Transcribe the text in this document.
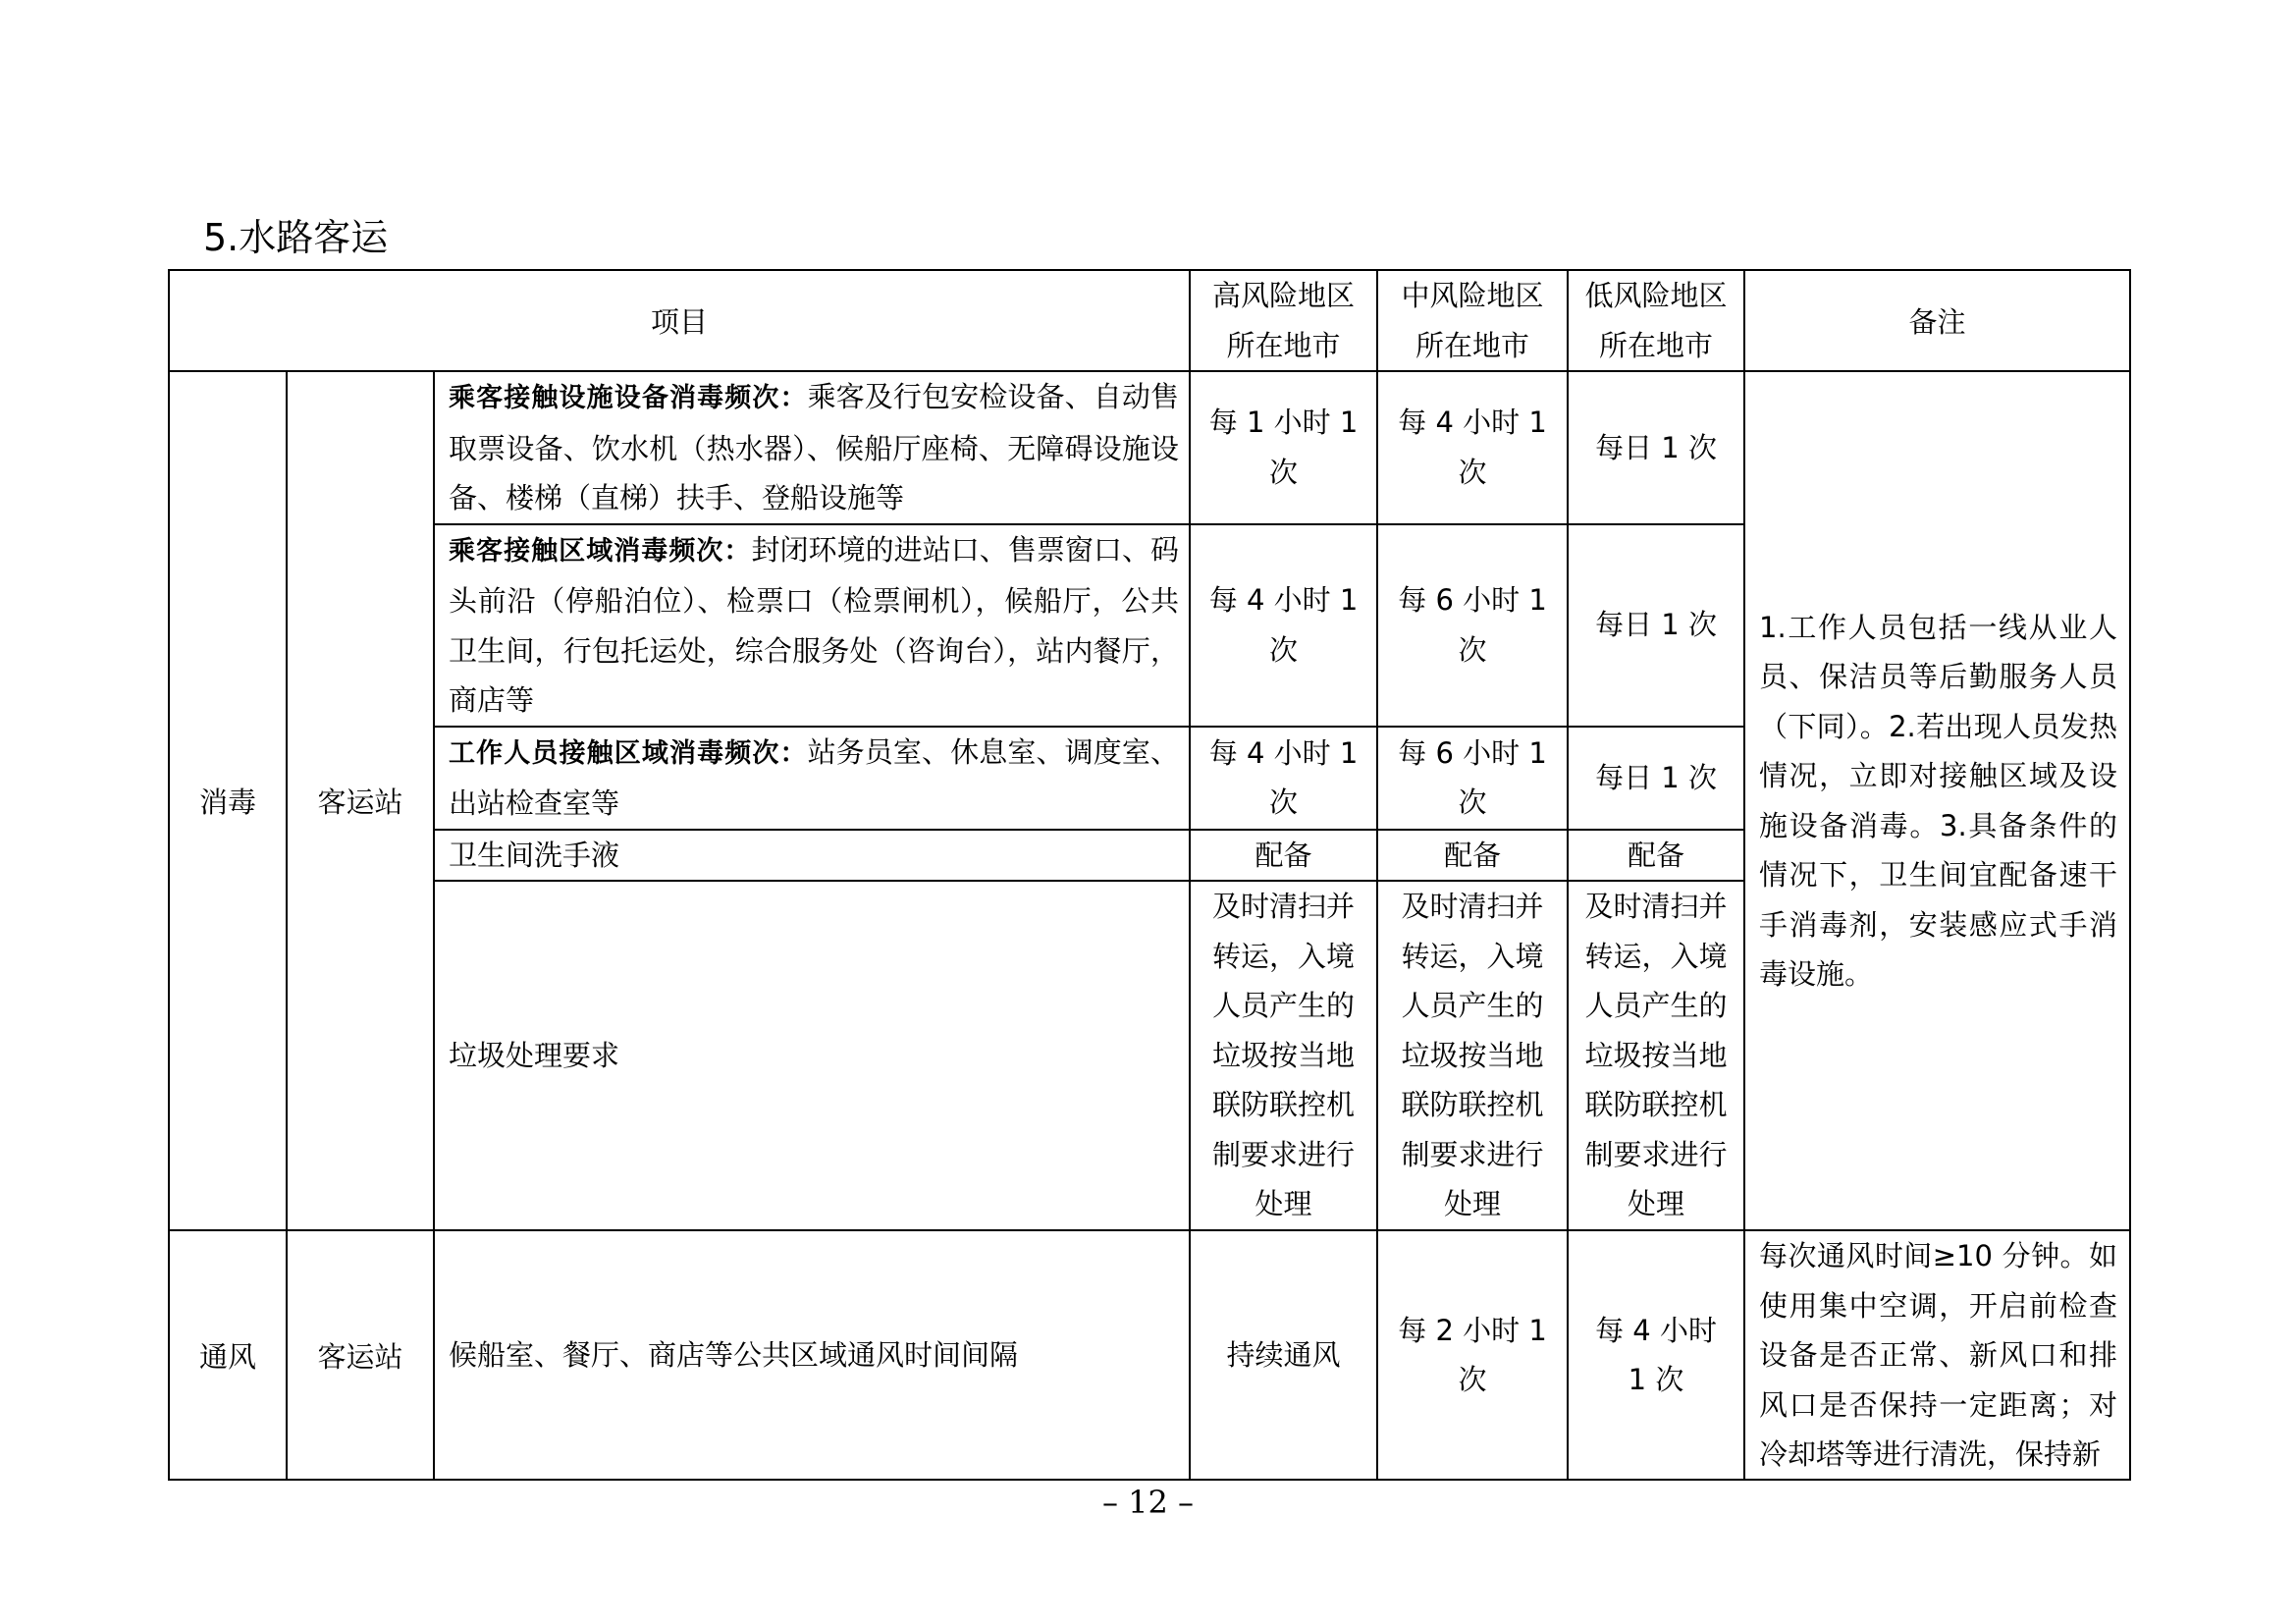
5.水路客运
项目			高风险地区所在地市	中风险地区所在地市	低风险地区所在地市	备注
消毒	客运站	乘客接触设施设备消毒频次：乘客及行包安检设备、自动售取票设备、饮水机（热水器）、候船厅座椅、无障碍设施设备、楼梯（直梯）扶手、登船设施等	每 1 小时 1 次	每 4 小时 1 次	每日 1 次	1.工作人员包括一线从业人员、保洁员等后勤服务人员（下同）。2.若出现人员发热情况，立即对接触区域及设施设备消毒。3.具备条件的情况下，卫生间宜配备速干手消毒剂，安装感应式手消毒设施。
		乘客接触区域消毒频次：封闭环境的进站口、售票窗口、码头前沿（停船泊位）、检票口（检票闸机），候船厅，公共卫生间，行包托运处，综合服务处（咨询台），站内餐厅，商店等	每 4 小时 1 次	每 6 小时 1 次	每日 1 次	
		工作人员接触区域消毒频次：站务员室、休息室、调度室、出站检查室等	每 4 小时 1 次	每 6 小时 1 次	每日 1 次	
		卫生间洗手液	配备	配备	配备	
		垃圾处理要求	及时清扫并转运，入境人员产生的垃圾按当地联防联控机制要求进行处理	及时清扫并转运，入境人员产生的垃圾按当地联防联控机制要求进行处理	及时清扫并转运，入境人员产生的垃圾按当地联防联控机制要求进行处理	
通风	客运站	候船室、餐厅、商店等公共区域通风时间间隔	持续通风	每 2 小时 1 次	每 4 小时 1 次	每次通风时间≥10 分钟。如使用集中空调，开启前检查设备是否正常、新风口和排风口是否保持一定距离；对冷却塔等进行清洗，保持新
– 12 –
